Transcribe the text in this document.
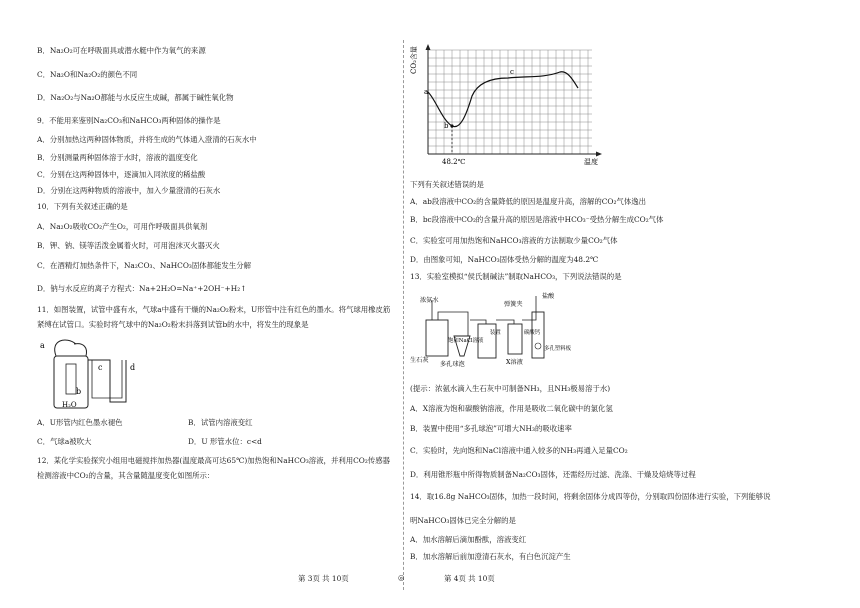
B．Na₂O₂可在呼吸面具或潜水艇中作为氧气的来源
C．Na₂O和Na₂O₂的颜色不同
D．Na₂O₂与Na₂O都能与水反应生成碱，都属于碱性氧化物
9．不能用来鉴别Na₂CO₃和NaHCO₃两种固体的操作是
A．分别加热这两种固体物质，并将生成的气体通入澄清的石灰水中
B．分别测量两种固体溶于水时，溶液的温度变化
C．分别在这两种固体中，逐滴加入同浓度的稀盐酸
D．分别在这两种物质的溶液中，加入少量澄清的石灰水
10．下列有关叙述正确的是
A．Na₂O₂吸收CO₂产生O₂，可用作呼吸面具供氧剂
B．钾、钠、镁等活泼金属着火时，可用泡沫灭火器灭火
C．在酒精灯加热条件下，Na₂CO₃、NaHCO₃固体都能发生分解
D．钠与水反应的离子方程式：Na+2H₂O=Na⁺+2OH⁻+H₂↑
11．如图装置，试管中盛有水，气球a中盛有干燥的Na₂O₂粉末，U形管中注有红色的墨水。将气球用橡皮筋
紧缚在试管口。实验时将气球中的Na₂O₂粉末抖落到试管b的水中，将发生的现象是
a
b
c	d
H₂O
A．U形管内红色墨水褪色	B．试管内溶液变红
C．气球a被吹大	D．U 形管水位：c<d
12．某化学实验探究小组用电磁搅拌加热器(温度最高可达65℃)加热饱和NaHCO₃溶液，并利用CO₂传感器
检测溶液中CO₂的含量，其含量随温度变化如图所示：
CO₂含量
a
b
c
48.2℃	温度
下列有关叙述错误的是
A．ab段溶液中CO₂的含量降低的原因是温度升高，溶解的CO₂气体逸出
B．bc段溶液中CO₂的含量升高的原因是溶液中HCO₃⁻受热分解生成CO₂气体
C．实验室可用加热饱和NaHCO₃溶液的方法制取少量CO₂气体
D．由图象可知，NaHCO₃固体受热分解的温度为48.2℃
13．实验室模拟“侯氏制碱法”制取NaHCO₃，下列说法错误的是
浓氨水
弹簧夹
盐酸
生石灰
多孔球泡
饱和NaCl溶液
X溶液
碳酸钙
多孔塑料板
装置
(提示：浓氨水滴入生石灰中可制备NH₃，且NH₃极易溶于水)
A．X溶液为饱和碳酸钠溶液，作用是吸收二氧化碳中的氯化氢
B．装置中使用“多孔球泡”可增大NH₃的吸收速率
C．实验时，先向饱和NaCl溶液中通入较多的NH₃再通入足量CO₂
D．利用锥形瓶中所得物质制备Na₂CO₃固体，还需经历过滤、洗涤、干燥及焙烧等过程
14．取16.8g NaHCO₃固体，加热一段时间，将剩余固体分成四等份，分别取四份固体进行实验，下列能够说
明NaHCO₃固体已完全分解的是
A．加水溶解后滴加酚酞，溶液变红
B．加水溶解后前加澄清石灰水，有白色沉淀产生
第 3页 共 10页	◎	第 4页 共 10页
